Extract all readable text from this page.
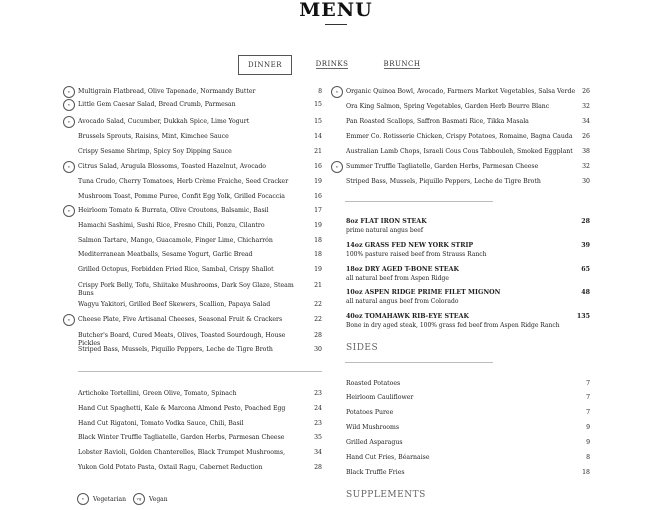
MENU
DINNER	DRINKS	BRUNCH
Multigrain Flatbread, Olive Tapenade, Normandy Butter	8
v
Little Gem Caesar Salad, Bread Crumb, Parmesan	15
v
Avocado Salad, Cucumber, Dukkah Spice, Lime Yogurt	15
v
Brussels Sprouts, Raisins, Mint, Kimchee Sauce	14
Crispy Sesame Shrimp, Spicy Soy Dipping Sauce	21
Citrus Salad, Arugula Blossoms, Toasted Hazelnut, Avocado	16
v
Tuna Crudo, Cherry Tomatoes, Herb Crème Fraiche, Seed Cracker	19
Mushroom Toast, Pomme Puree, Confit Egg Yolk, Grilled Focaccia	16
Heirloom Tomato & Burrata, Olive Croutons, Balsamic, Basil	17
v
Hamachi Sashimi, Sushi Rice, Fresno Chili, Ponzu, Cilantro	19
Salmon Tartare, Mango, Guacamole, Finger Lime, Chicharrón	18
Mediterranean Meatballs, Sesame Yogurt, Garlic Bread	18
Grilled Octopus, Forbidden Fried Rice, Sambal, Crispy Shallot	19
Crispy Pork Belly, Tofu, Shiitake Mushrooms, Dark Soy Glaze, Steam Buns
21
Wagyu Yakitori, Grilled Beef Skewers, Scallion, Papaya Salad	22
Cheese Plate, Five Artisanal Cheeses, Seasonal Fruit & Crackers	22
v
Butcher's Board, Cured Meats, Olives, Toasted Sourdough, House Pickles
28
Striped Bass, Mussels, Piquillo Peppers, Leche de Tigre Broth	30
Artichoke Tortellini, Green Olive, Tomato, Spinach	23
Hand Cut Spaghetti, Kale & Marcona Almond Pesto, Poached Egg	24
Hand Cut Rigatoni, Tomato Vodka Sauce, Chili, Basil	23
Black Winter Truffle Tagliatelle, Garden Herbs, Parmesan Cheese	35
Lobster Ravioli, Golden Chanterelles, Black Trumpet Mushrooms,	34
Yukon Gold Potato Pasta, Oxtail Ragu, Cabernet Reduction	28
Organic Quinoa Bowl, Avocado, Farmers Market Vegetables, Salsa Verde	26
v
Ora King Salmon, Spring Vegetables, Garden Herb Beurre Blanc	32
Pan Roasted Scallops, Saffron Basmati Rice, Tikka Masala	34
Emmer Co. Rotisserie Chicken, Crispy Potatoes, Romaine, Bagna Cauda	26
Australian Lamb Chops, Israeli Cous Cous Tabbouleh, Smoked Eggplant	38
Summer Truffle Tagliatelle, Garden Herbs, Parmesan Cheese	32
v
Striped Bass, Mussels, Piquillo Peppers, Leche de Tigre Broth	30
8oz FLAT IRON STEAK
prime natural angus beef
28
14oz GRASS FED NEW YORK STRIP
100% pasture raised beef from Strauss Ranch
39
18oz DRY AGED T-BONE STEAK
all natural beef from Aspen Ridge
65
10oz ASPEN RIDGE PRIME FILET MIGNON
all natural angus beef from Colorado
48
40oz TOMAHAWK RIB-EYE STEAK
Bone in dry aged steak, 100% grass fed beef from Aspen Ridge Ranch
135
Roasted Potatoes	7
Heirloom Cauliflower	7
Potatoes Puree	7
Wild Mushrooms	9
Grilled Asparagus	9
Hand Cut Fries, Béarnaise	8
Black Truffle Fries	18
SIDES
SUPPLEMENTS
v	Vegetarian	vg	Vegan
